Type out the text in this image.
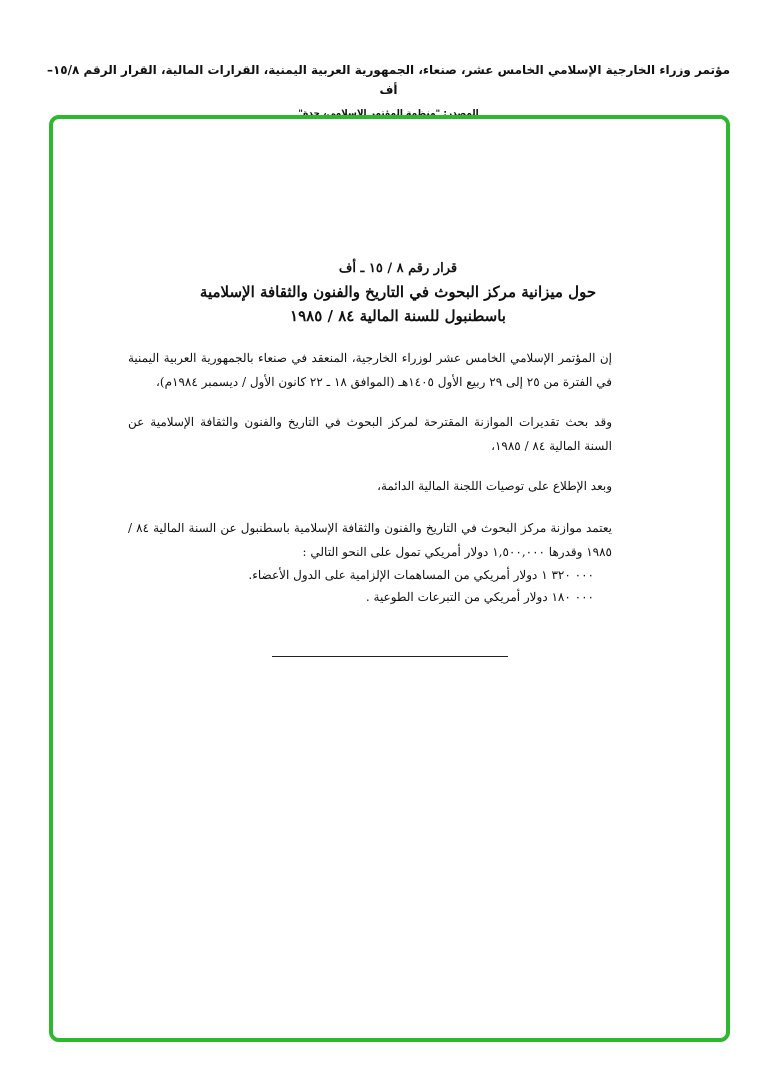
مؤتمر وزراء الخارجية الإسلامي الخامس عشر، صنعاء، الجمهورية العربية اليمنية، القرارات المالية، القرار الرقم ١٥/٨– أف
المصدر: "منظمة المؤتمر الإسلامي، جدة"
قرار رقم ٨ / ١٥ ـ أف
حول ميزانية مركز البحوث في التاريخ والفنون والثقافة الإسلامية
باسطنبول للسنة المالية ٨٤ / ١٩٨٥
إن المؤتمر الإسلامي الخامس عشر لوزراء الخارجية، المنعقد في صنعاء بالجمهورية العربية اليمنية في الفترة من ٢٥ إلى ٢٩ ربيع الأول ١٤٠٥هـ (الموافق ١٨ ـ ٢٢ كانون الأول / ديسمبر ١٩٨٤م)،
وقد بحث تقديرات الموازنة المقترحة لمركز البحوث في التاريخ والفنون والثقافة الإسلامية عن السنة المالية ٨٤ / ١٩٨٥،
وبعد الإطلاع على توصيات اللجنة المالية الدائمة،
يعتمد موازنة مركز البحوث في التاريخ والفنون والثقافة الإسلامية باسطنبول عن السنة المالية ٨٤ / ١٩٨٥ وقدرها ١,٥٠٠,٠٠٠ دولار أمريكي تمول على النحو التالي :
٠٠٠ ٣٢٠ ١ دولار أمريكي من المساهمات الإلزامية على الدول الأعضاء.
٠٠٠ ١٨٠ دولار أمريكي من التبرعات الطوعية .
